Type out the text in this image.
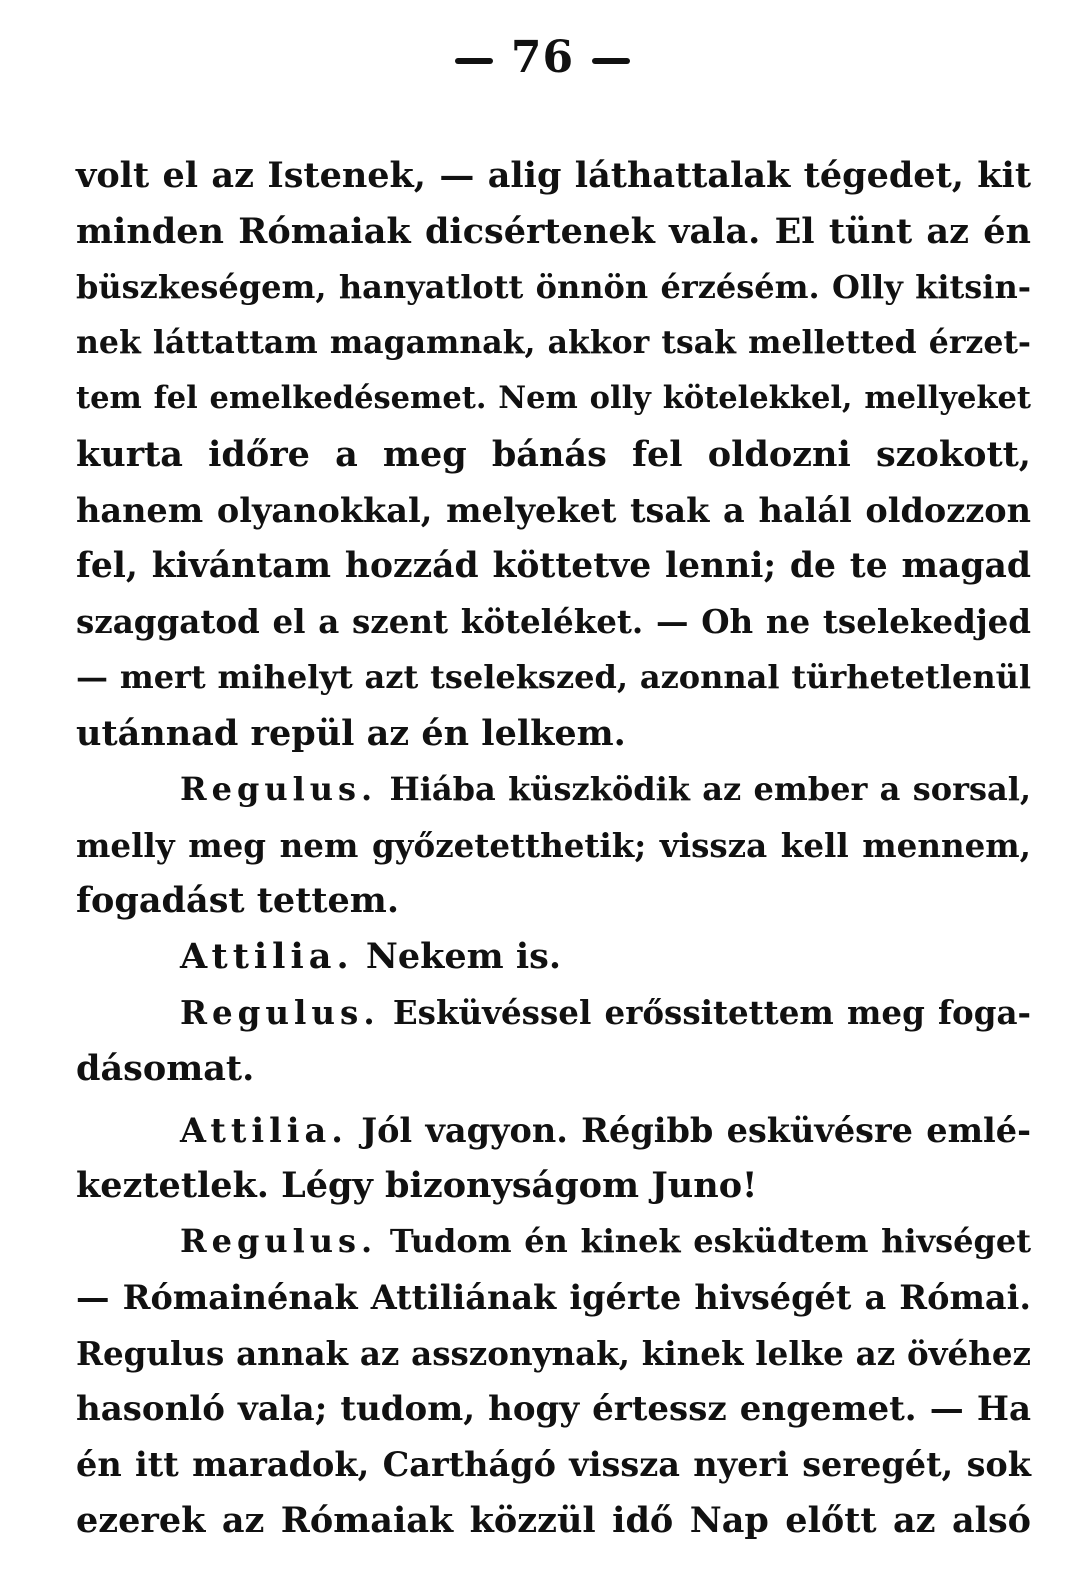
76
volt el az Istenek, — alig láthattalak tégedet, kit
minden Rómaiak dicsértenek vala. El tünt az én
büszkeségem, hanyatlott önnön érzésém. Olly kitsin-
nek láttattam magamnak, akkor tsak melletted érzet-
tem fel emelkedésemet. Nem olly kötelekkel, mellyeket
kurta időre a meg bánás fel oldozni szokott,
hanem olyanokkal, melyeket tsak a halál oldozzon
fel, kivántam hozzád köttetve lenni; de te magad
szaggatod el a szent köteléket. — Oh ne tselekedjed
— mert mihelyt azt tselekszed, azonnal türhetetlenül
utánnad repül az én lelkem.
Regulus. Hiába küszködik az ember a sorsal,
melly meg nem győzetetthetik; vissza kell mennem,
fogadást tettem.
Attilia. Nekem is.
Regulus. Esküvéssel erőssitettem meg foga-
dásomat.
Attilia. Jól vagyon. Régibb esküvésre emlé-
keztetlek. Légy bizonyságom Juno!
Regulus. Tudom én kinek esküdtem hivséget
— Rómainénak Attiliának igérte hivségét a Római.
Regulus annak az asszonynak, kinek lelke az övéhez
hasonló vala; tudom, hogy értessz engemet. — Ha
én itt maradok, Carthágó vissza nyeri seregét, sok
ezerek az Rómaiak közzül idő Nap előtt az alsó
